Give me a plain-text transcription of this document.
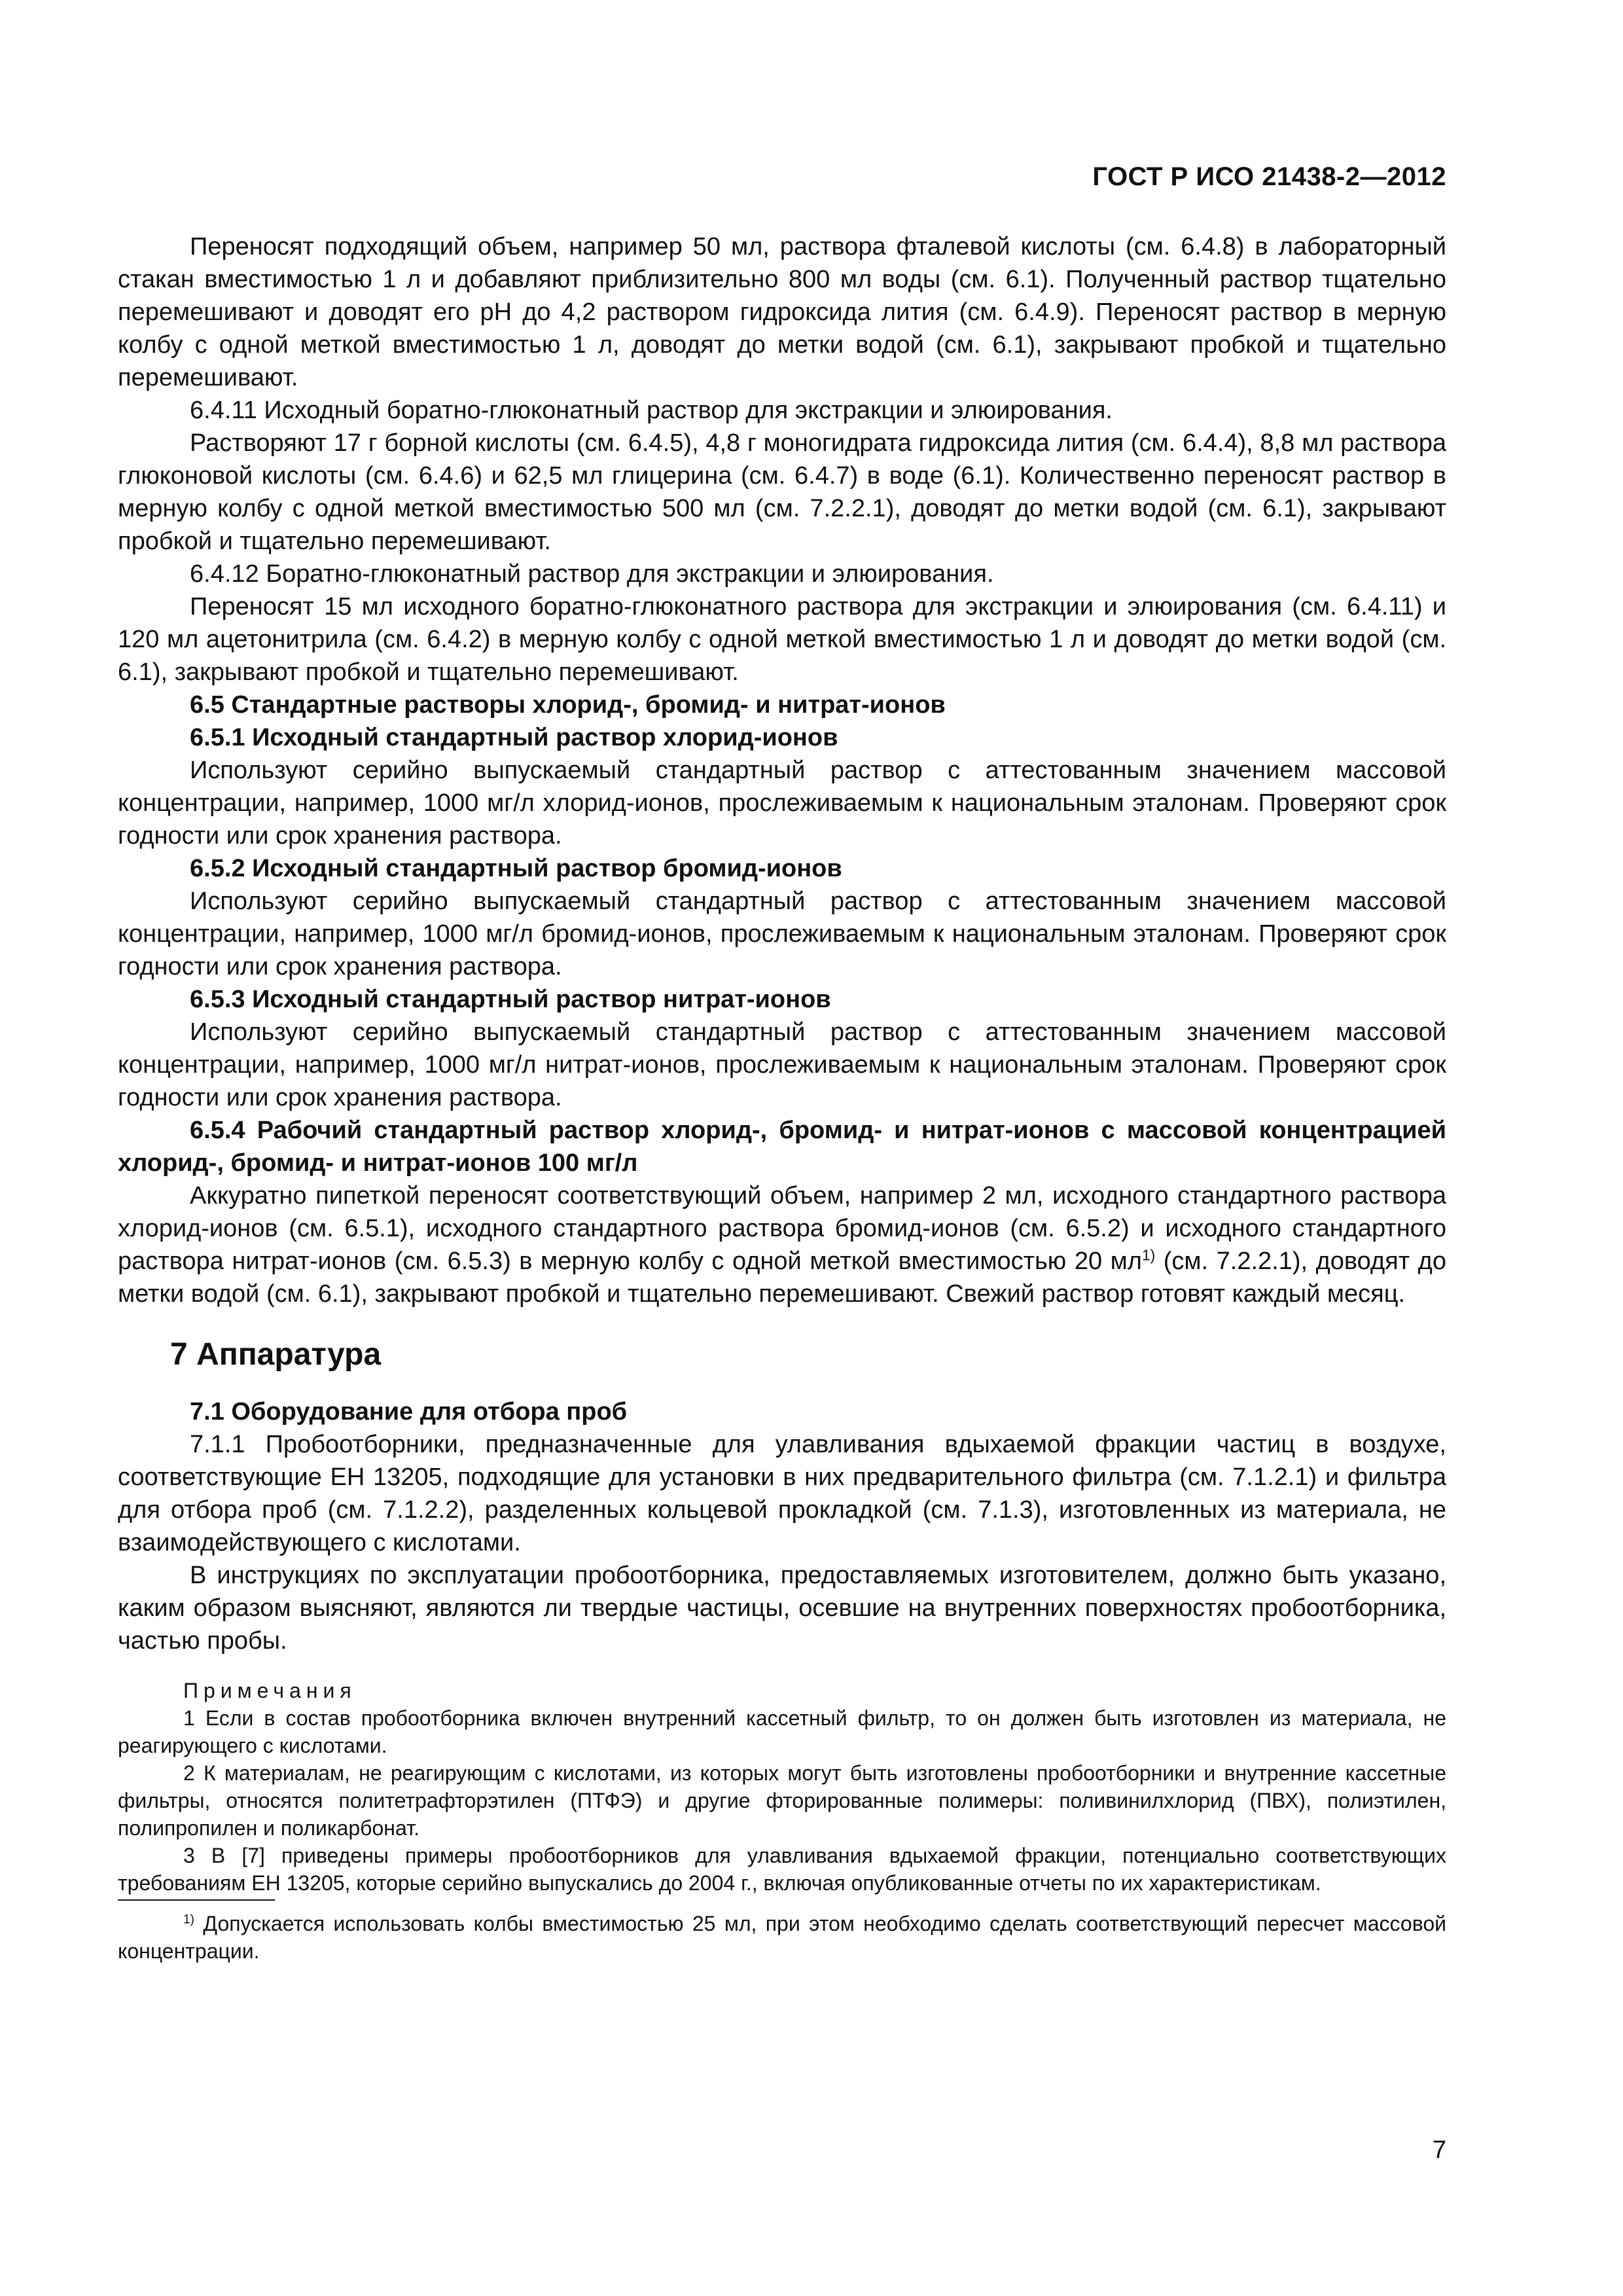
ГОСТ Р ИСО 21438-2—2012

Переносят подходящий объем, например 50 мл, раствора фталевой кислоты (см. 6.4.8) в лабораторный стакан вместимостью 1 л и добавляют приблизительно 800 мл воды (см. 6.1). Полученный раствор тщательно перемешивают и доводят его pH до 4,2 раствором гидроксида лития (см. 6.4.9). Переносят раствор в мерную колбу с одной меткой вместимостью 1 л, доводят до метки водой (см. 6.1), закрывают пробкой и тщательно перемешивают.

6.4.11 Исходный боратно-глюконатный раствор для экстракции и элюирования.

Растворяют 17 г борной кислоты (см. 6.4.5), 4,8 г моногидрата гидроксида лития (см. 6.4.4), 8,8 мл раствора глюконовой кислоты (см. 6.4.6) и 62,5 мл глицерина (см. 6.4.7) в воде (6.1). Количественно переносят раствор в мерную колбу с одной меткой вместимостью 500 мл (см. 7.2.2.1), доводят до метки водой (см. 6.1), закрывают пробкой и тщательно перемешивают.

6.4.12 Боратно-глюконатный раствор для экстракции и элюирования.

Переносят 15 мл исходного боратно-глюконатного раствора для экстракции и элюирования (см. 6.4.11) и 120 мл ацетонитрила (см. 6.4.2) в мерную колбу с одной меткой вместимостью 1 л и доводят до метки водой (см. 6.1), закрывают пробкой и тщательно перемешивают.

6.5 Стандартные растворы хлорид-, бромид- и нитрат-ионов

6.5.1 Исходный стандартный раствор хлорид-ионов

Используют серийно выпускаемый стандартный раствор с аттестованным значением массовой концентрации, например, 1000 мг/л хлорид-ионов, прослеживаемым к национальным эталонам. Проверяют срок годности или срок хранения раствора.

6.5.2 Исходный стандартный раствор бромид-ионов

Используют серийно выпускаемый стандартный раствор с аттестованным значением массовой концентрации, например, 1000 мг/л бромид-ионов, прослеживаемым к национальным эталонам. Проверяют срок годности или срок хранения раствора.

6.5.3 Исходный стандартный раствор нитрат-ионов

Используют серийно выпускаемый стандартный раствор с аттестованным значением массовой концентрации, например, 1000 мг/л нитрат-ионов, прослеживаемым к национальным эталонам. Проверяют срок годности или срок хранения раствора.

6.5.4 Рабочий стандартный раствор хлорид-, бромид- и нитрат-ионов с массовой концентрацией хлорид-, бромид- и нитрат-ионов 100 мг/л

Аккуратно пипеткой переносят соответствующий объем, например 2 мл, исходного стандартного раствора хлорид-ионов (см. 6.5.1), исходного стандартного раствора бромид-ионов (см. 6.5.2) и исходного стандартного раствора нитрат-ионов (см. 6.5.3) в мерную колбу с одной меткой вместимостью 20 $мл^{1)}$ (см. 7.2.2.1), доводят до метки водой (см. 6.1), закрывают пробкой и тщательно перемешивают. Свежий раствор готовят каждый месяц.

7 Аппаратура

7.1 Оборудование для отбора проб

7.1.1 Пробоотборники, предназначенные для улавливания вдыхаемой фракции частиц в воздухе, соответствующие ЕН 13205, подходящие для установки в них предварительного фильтра (см. 7.1.2.1) и фильтра для отбора проб (см. 7.1.2.2), разделенных кольцевой прокладкой (см. 7.1.3), изготовленных из материала, не взаимодействующего с кислотами.

В инструкциях по эксплуатации пробоотборника, предоставляемых изготовителем, должно быть указано, каким образом выясняют, являются ли твердые частицы, осевшие на внутренних поверхностях пробоотборника, частью пробы.

Примечания

1 Если в состав пробоотборника включен внутренний кассетный фильтр, то он должен быть изготовлен из материала, не реагирующего с кислотами.

2 К материалам, не реагирующим с кислотами, из которых могут быть изготовлены пробоотборники и внутренние кассетные фильтры, относятся политетрафторэтилен (ПТФЭ) и другие фторированные полимеры: поливинилхлорид (ПВХ), полиэтилен, полипропилен и поликарбонат.

3 В [7] приведены примеры пробоотборников для улавливания вдыхаемой фракции, потенциально соответствующих требованиям ЕН 13205, которые серийно выпускались до 2004 г., включая опубликованные отчеты по их характеристикам.

$^{1)}$ Допускается использовать колбы вместимостью 25 мл, при этом необходимо сделать соответствующий пересчет массовой концентрации.

7
